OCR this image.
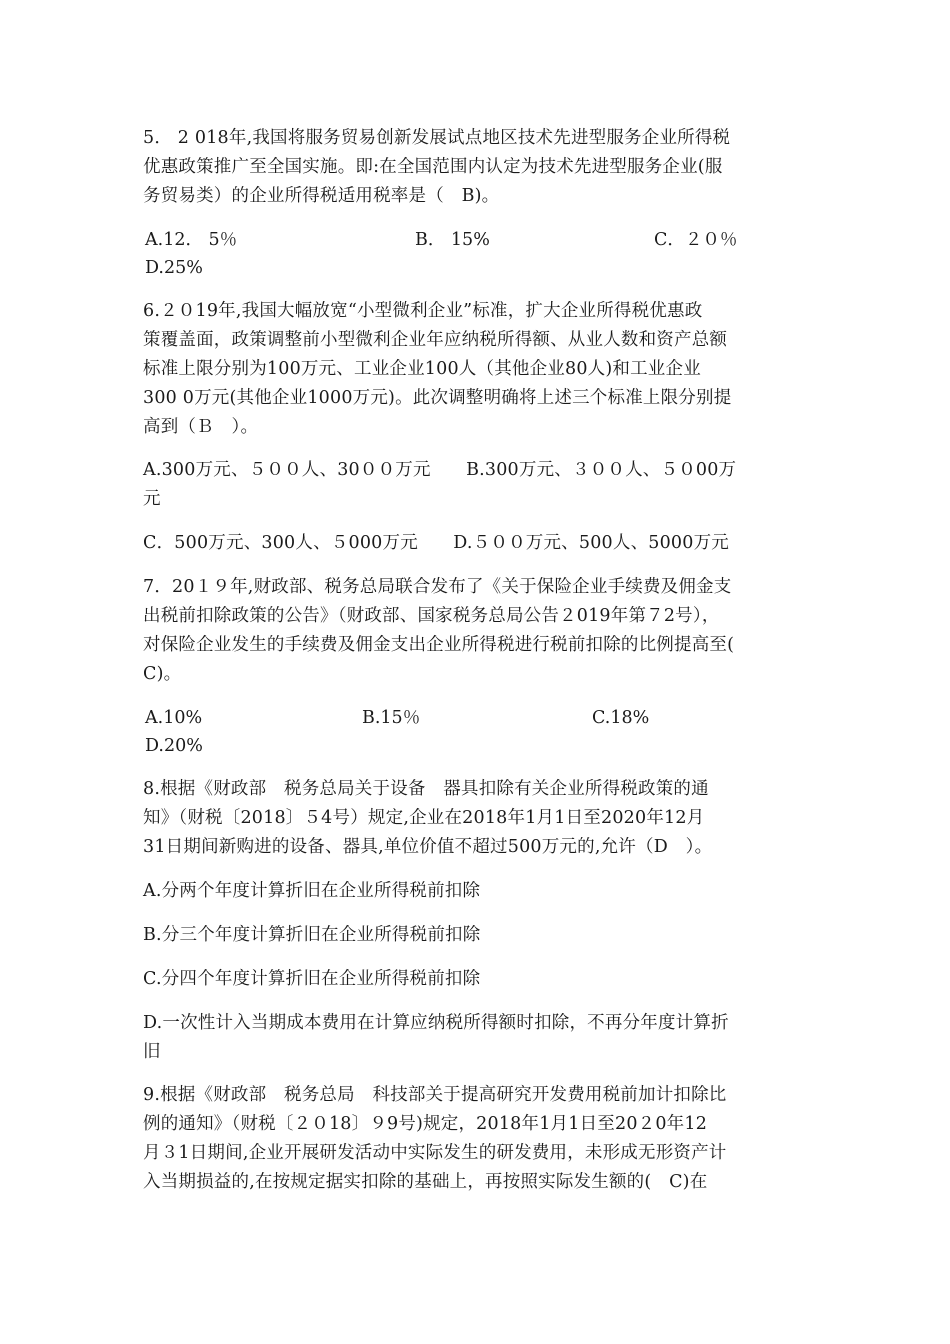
5． 2 018年,我国将服务贸易创新发展试点地区技术先进型服务企业所得税
优惠政策推广至全国实施。即:在全国范围内认定为技术先进型服务企业(服
务贸易类）的企业所得税适用税率是（　B)。
A.12． 5％	B． 15%	C．２０％
D.25%
6.２０19年,我国大幅放宽“小型微利企业”标准，扩大企业所得税优惠政
策覆盖面，政策调整前小型微利企业年应纳税所得额、从业人数和资产总额
标准上限分别为100万元、工业企业100人（其他企业80人)和工业企业
300 0万元(其他企业1000万元)。此次调整明确将上述三个标准上限分别提
高到（Ｂ　）。
A.300万元、５００人、30００万元　　B.300万元、３００人、５０00万
元
C．500万元、300人、５000万元　　D.５００万元、500人、5000万元
7．20１９年,财政部、税务总局联合发布了《关于保险企业手续费及佣金支
出税前扣除政策的公告》（财政部、国家税务总局公告２019年第７2号），
对保险企业发生的手续费及佣金支出企业所得税进行税前扣除的比例提高至(
C)。
A.10%	B.15％	C.18%
D.20%
8.根据《财政部　税务总局关于设备　器具扣除有关企业所得税政策的通
知》（财税〔2018〕５4号）规定,企业在2018年1月1日至2020年12月
31日期间新购进的设备、器具,单位价值不超过500万元的,允许（D　）。
A.分两个年度计算折旧在企业所得税前扣除
B.分三个年度计算折旧在企业所得税前扣除
C.分四个年度计算折旧在企业所得税前扣除
D.一次性计入当期成本费用在计算应纳税所得额时扣除，不再分年度计算折
旧
9.根据《财政部　税务总局　科技部关于提高研究开发费用税前加计扣除比
例的通知》（财税〔２０18〕９9号)规定，2018年1月1日至20２0年12
月３1日期间,企业开展研发活动中实际发生的研发费用，未形成无形资产计
入当期损益的,在按规定据实扣除的基础上，再按照实际发生额的(　C)在
